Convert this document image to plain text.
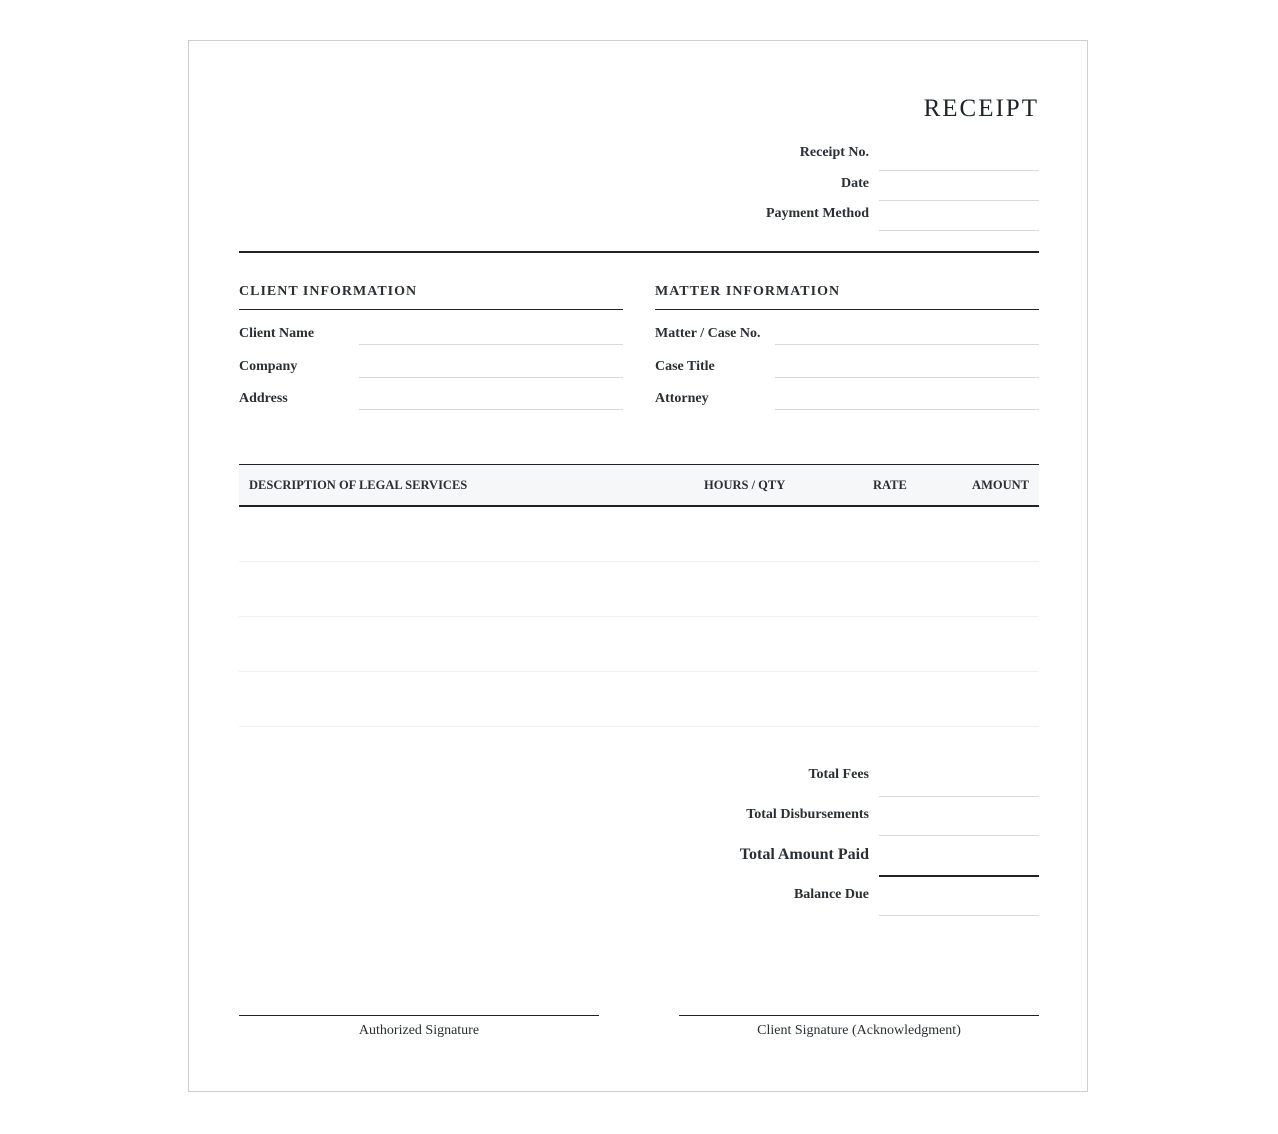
RECEIPT
Receipt No.
Date
Payment Method
CLIENT INFORMATION
Client Name
Company
Address
MATTER INFORMATION
Matter / Case No.
Case Title
Attorney
DESCRIPTION OF LEGAL SERVICES	HOURS / QTY	RATE	AMOUNT
Total Fees
Total Disbursements
Total Amount Paid
Balance Due
Authorized Signature	Client Signature (Acknowledgment)
